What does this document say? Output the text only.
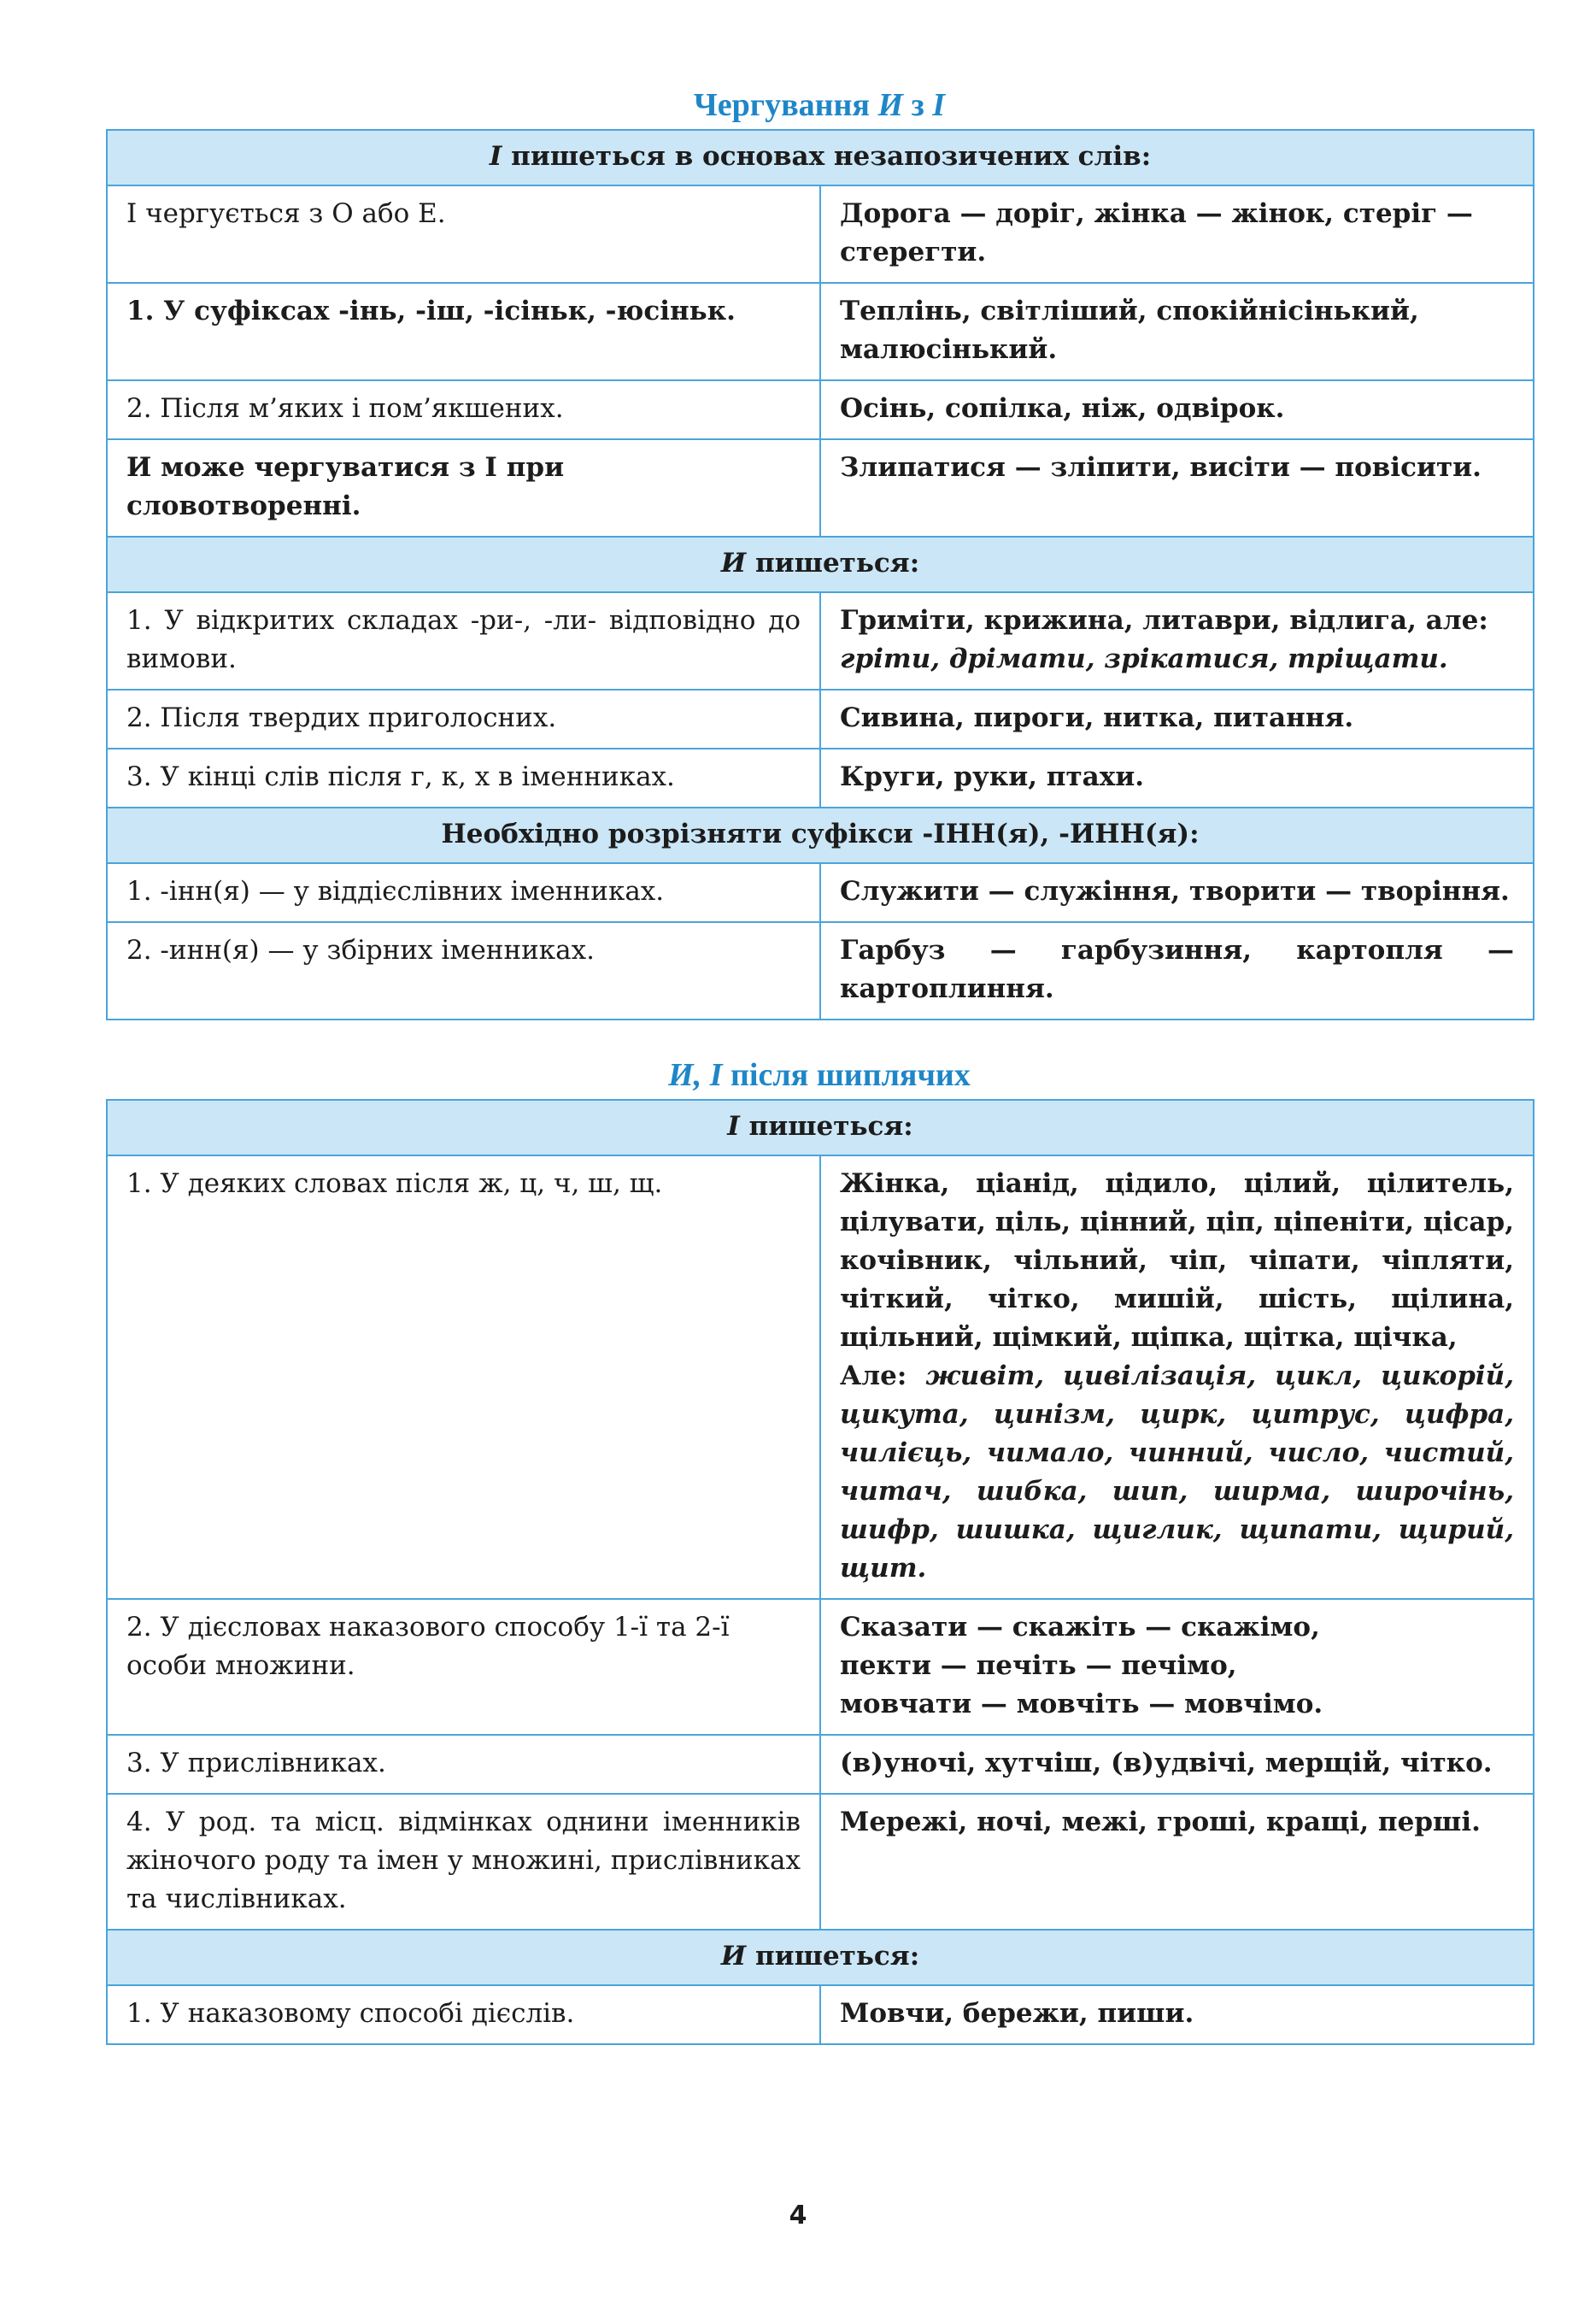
Чергування И з І
І пишеться в основах незапозичених слів:	
І чергується з О або Е.	Дорога — доріг, жінка — жінок, стеріг — стерегти.
1. У суфіксах -інь, -іш, -ісіньк, -юсіньк.	Теплінь, світліший, спокійнісінький, малюсінький.
2. Після м’яких і пом’якшених.	Осінь, сопілка, ніж, одвірок.
И може чергуватися з І при словотворенні.	Злипатися — зліпити, висіти — повісити.
И пишеться:	
1. У відкритих складах -ри-, -ли- відповідно до вимови.	Гриміти, крижина, литаври, відлига, але: гріти, дрімати, зрікатися, тріщати.
2. Після твердих приголосних.	Сивина, пироги, нитка, питання.
3. У кінці слів після г, к, х в іменниках.	Круги, руки, птахи.
Необхідно розрізняти суфікси -ІНН(я), -ИНН(я):	
1. -інн(я) — у віддієслівних іменниках.	Служити — служіння, творити — творіння.
2. -инн(я) — у збірних іменниках.	Гарбуз — гарбузиння, картопля — картоплиння.
И, І після шиплячих
І пишеться:	
1. У деяких словах після ж, ц, ч, ш, щ.	Жінка, ціанід, цідило, цілий, цілитель, цілувати, ціль, цінний, ціп, ціпеніти, цісар, кочівник, чільний, чіп, чіпати, чіпляти, чіткий, чітко, мишій, шість, щілина, щільний, щімкий, щіпка, щітка, щічка,
Але: живіт, цивілізація, цикл, цикорій, цикута, цинізм, цирк, цитрус, цифра, чилієць, чимало, чинний, число, чистий, читач, шибка, шип, ширма, широчінь, шифр, шишка, щиглик, щипати, щирий, щит.
2. У дієсловах наказового способу 1-ї та 2-ї особи множини.	Сказати — скажіть — скажімо,
пекти — печіть — печімо,
мовчати — мовчіть — мовчімо.

3. У прислівниках.	(в)уночі, хутчіш, (в)удвічі, мерщій, чітко.
4. У род. та місц. відмінках однини іменників жіночого роду та імен у множині, прислівниках та числівниках.	Мережі, ночі, межі, гроші, кращі, перші.
И пишеться:	
1. У наказовому способі дієслів.	Мовчи, бережи, пиши.
4
